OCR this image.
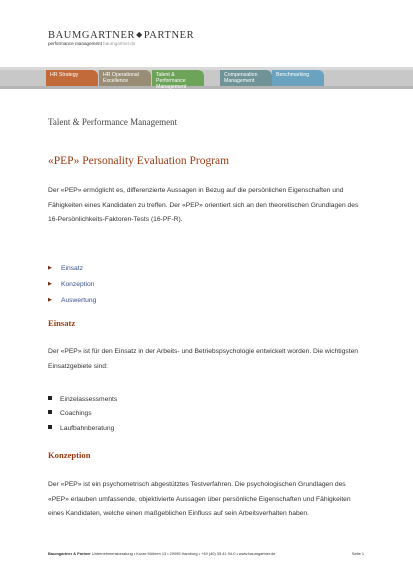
BAUMGARTNER◆PARTNER
performance management baumgartner.de
HR Strategy	HR Operational Excellence
Talent & Performance Management
Compensation Management
Benchmarking
Talent & Performance Management
«PEP» Personality Evaluation Program
Der «PEP» ermöglicht es, differenzierte Aussagen in Bezug auf die persönlichen Eigenschaften und Fähigkeiten eines Kandidaten zu treffen. Der «PEP» orientiert sich an den theoretischen Grundlagen des 16-Persönlichkeits-Faktoren-Tests (16-PF-R).
▶ Einsatz
▶ Konzeption
▶ Auswertung
Einsatz
Der «PEP» ist für den Einsatz in der Arbeits- und Betriebspsychologie entwickelt worden. Die wichtigsten Einsatzgebiete sind:
Einzelassessments
Coachings
Laufbahnberatung
Konzeption
Der «PEP» ist ein psychometrisch abgestütztes Testverfahren. Die psychologischen Grundlagen des «PEP» erlauben umfassende, objektivierte Aussagen über persönliche Eigenschaften und Fähigkeiten eines Kandidaten, welche einen maßgeblichen Einfluss auf sein Arbeitsverhalten haben.
Baumgartner & Partner Unternehmensberatung • Kurze Mühren 13 • 20095 Hamburg • +49 (40) 35 41 94-0 • www.baumgartner.de	Seite 1
